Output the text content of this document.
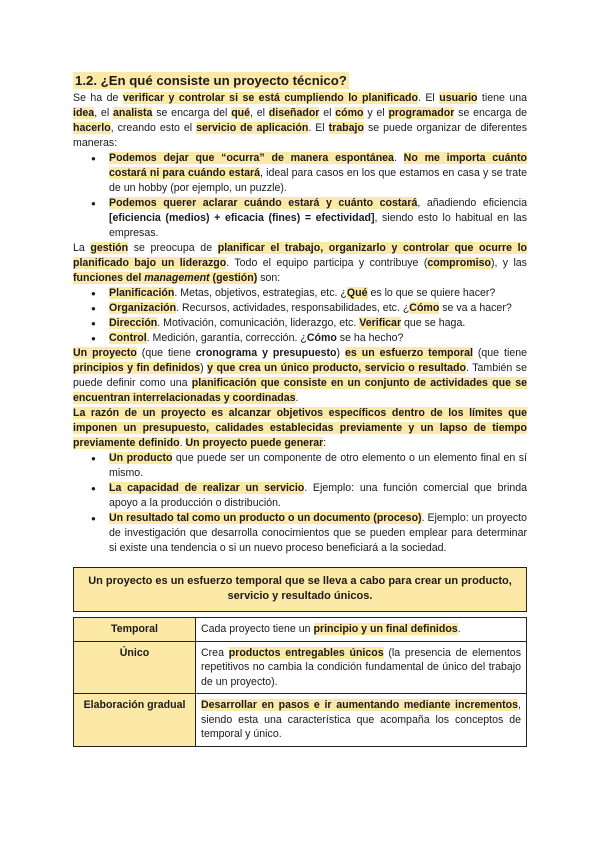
1.2. ¿En qué consiste un proyecto técnico?

Se ha de verificar y controlar si se está cumpliendo lo planificado. El usuario tiene una idea, el analista se encarga del qué, el diseñador el cómo y el programador se encarga de hacerlo, creando esto el servicio de aplicación. El trabajo se puede organizar de diferentes maneras:

● Podemos dejar que “ocurra” de manera espontánea. No me importa cuánto costará ni para cuándo estará, ideal para casos en los que estamos en casa y se trate de un hobby (por ejemplo, un puzzle).
● Podemos querer aclarar cuándo estará y cuánto costará, añadiendo eficiencia [eficiencia (medios) + eficacia (fines) = efectividad], siendo esto lo habitual en las empresas.

La gestión se preocupa de planificar el trabajo, organizarlo y controlar que ocurre lo planificado bajo un liderazgo. Todo el equipo participa y contribuye (compromiso), y las funciones del management (gestión) son:

● Planificación. Metas, objetivos, estrategias, etc. ¿Qué es lo que se quiere hacer?
● Organización. Recursos, actividades, responsabilidades, etc. ¿Cómo se va a hacer?
● Dirección. Motivación, comunicación, liderazgo, etc. Verificar que se haga.
● Control. Medición, garantía, corrección. ¿Cómo se ha hecho?

Un proyecto (que tiene cronograma y presupuesto) es un esfuerzo temporal (que tiene principios y fin definidos) y que crea un único producto, servicio o resultado. También se puede definir como una planificación que consiste en un conjunto de actividades que se encuentran interrelacionadas y coordinadas.

La razón de un proyecto es alcanzar objetivos específicos dentro de los límites que imponen un presupuesto, calidades establecidas previamente y un lapso de tiempo previamente definido. Un proyecto puede generar:

● Un producto que puede ser un componente de otro elemento o un elemento final en sí mismo.
● La capacidad de realizar un servicio. Ejemplo: una función comercial que brinda apoyo a la producción o distribución.
● Un resultado tal como un producto o un documento (proceso). Ejemplo: un proyecto de investigación que desarrolla conocimientos que se pueden emplear para determinar si existe una tendencia o si un nuevo proceso beneficiará a la sociedad.
Un proyecto es un esfuerzo temporal que se lleva a cabo para crear un producto, servicio y resultado únicos.	

Temporal	Cada proyecto tiene un principio y un final definidos.
Único	Crea productos entregables únicos (la presencia de elementos repetitivos no cambia la condición fundamental de único del trabajo de un proyecto).
Elaboración gradual	Desarrollar en pasos e ir aumentando mediante incrementos, siendo esta una característica que acompaña los conceptos de temporal y único.
